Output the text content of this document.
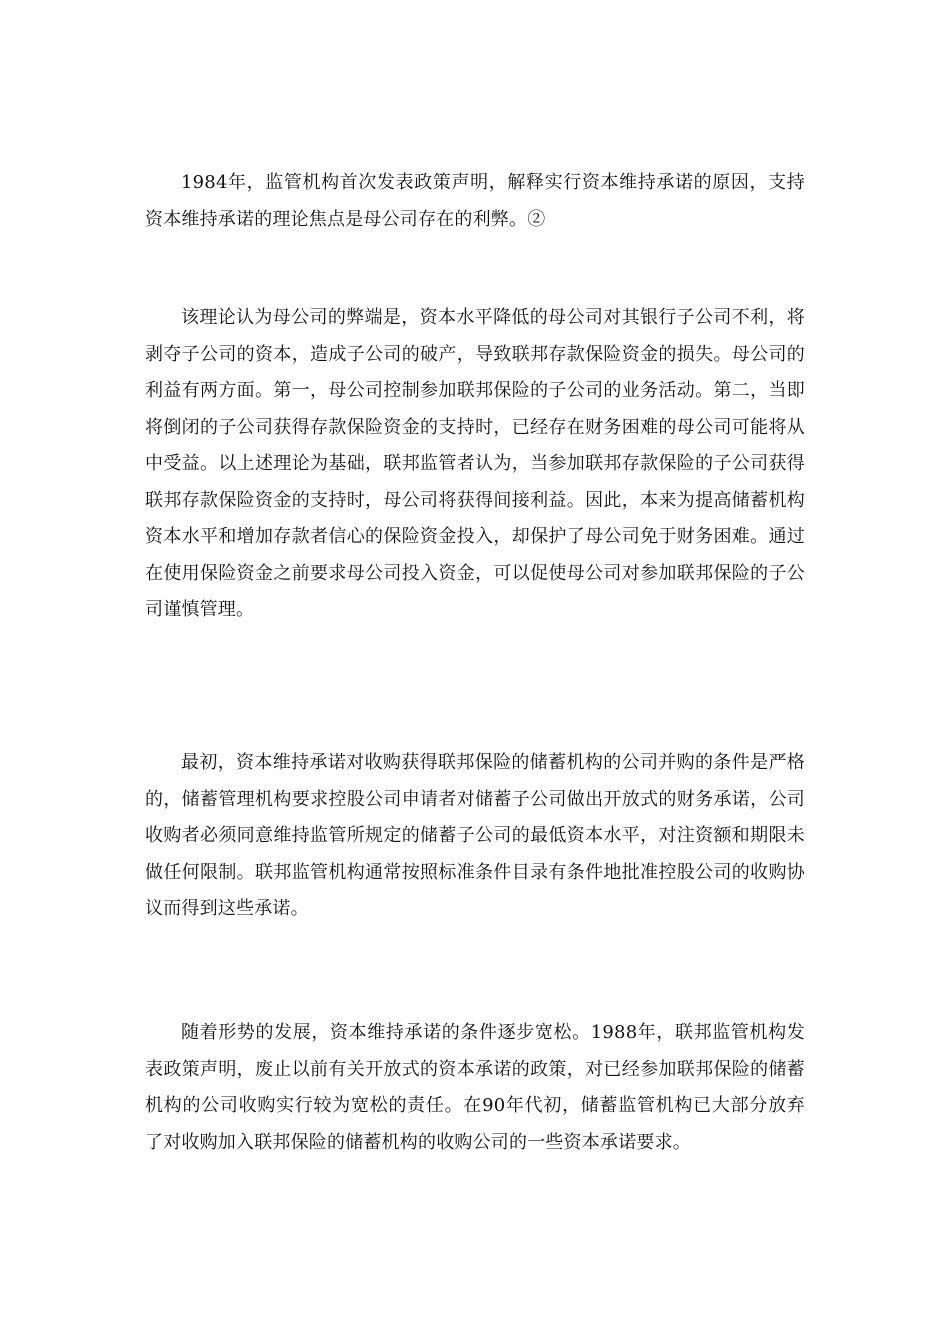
1984年，监管机构首次发表政策声明，解释实行资本维持承诺的原因，支持资本维持承诺的理论焦点是母公司存在的利弊。②

该理论认为母公司的弊端是，资本水平降低的母公司对其银行子公司不利，将剥夺子公司的资本，造成子公司的破产，导致联邦存款保险资金的损失。母公司的利益有两方面。第一，母公司控制参加联邦保险的子公司的业务活动。第二，当即将倒闭的子公司获得存款保险资金的支持时，已经存在财务困难的母公司可能将从中受益。以上述理论为基础，联邦监管者认为，当参加联邦存款保险的子公司获得联邦存款保险资金的支持时，母公司将获得间接利益。因此，本来为提高储蓄机构资本水平和增加存款者信心的保险资金投入，却保护了母公司免于财务困难。通过在使用保险资金之前要求母公司投入资金，可以促使母公司对参加联邦保险的子公司谨慎管理。

最初，资本维持承诺对收购获得联邦保险的储蓄机构的公司并购的条件是严格的，储蓄管理机构要求控股公司申请者对储蓄子公司做出开放式的财务承诺，公司收购者必须同意维持监管所规定的储蓄子公司的最低资本水平，对注资额和期限未做任何限制。联邦监管机构通常按照标准条件目录有条件地批准控股公司的收购协议而得到这些承诺。

随着形势的发展，资本维持承诺的条件逐步宽松。1988年，联邦监管机构发表政策声明，废止以前有关开放式的资本承诺的政策，对已经参加联邦保险的储蓄机构的公司收购实行较为宽松的责任。在90年代初，储蓄监管机构已大部分放弃了对收购加入联邦保险的储蓄机构的收购公司的一些资本承诺要求。
